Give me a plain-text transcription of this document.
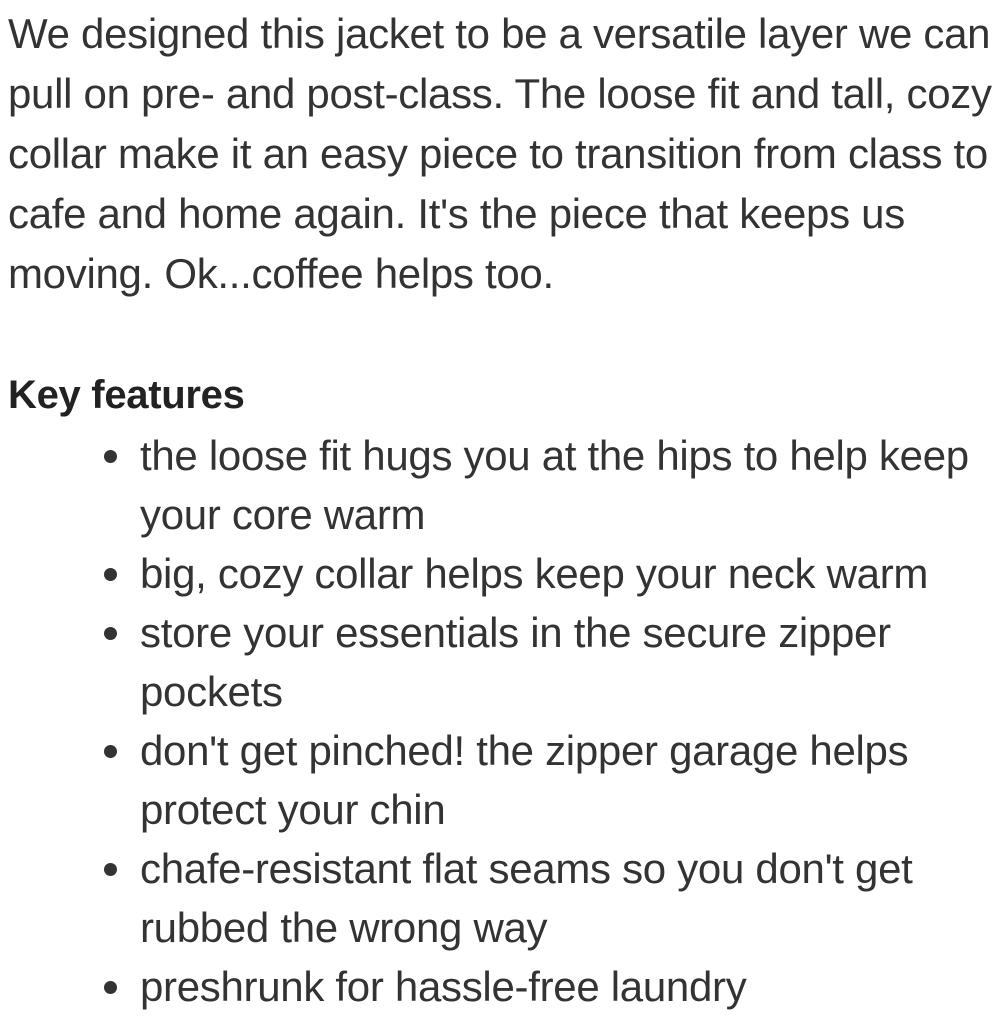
We designed this jacket to be a versatile layer we can pull on pre- and post-class. The loose fit and tall, cozy collar make it an easy piece to transition from class to cafe and home again. It's the piece that keeps us moving. Ok...coffee helps too.

Key features
the loose fit hugs you at the hips to help keep your core warm
big, cozy collar helps keep your neck warm
store your essentials in the secure zipper pockets
don't get pinched! the zipper garage helps protect your chin
chafe-resistant flat seams so you don't get rubbed the wrong way
preshrunk for hassle-free laundry
